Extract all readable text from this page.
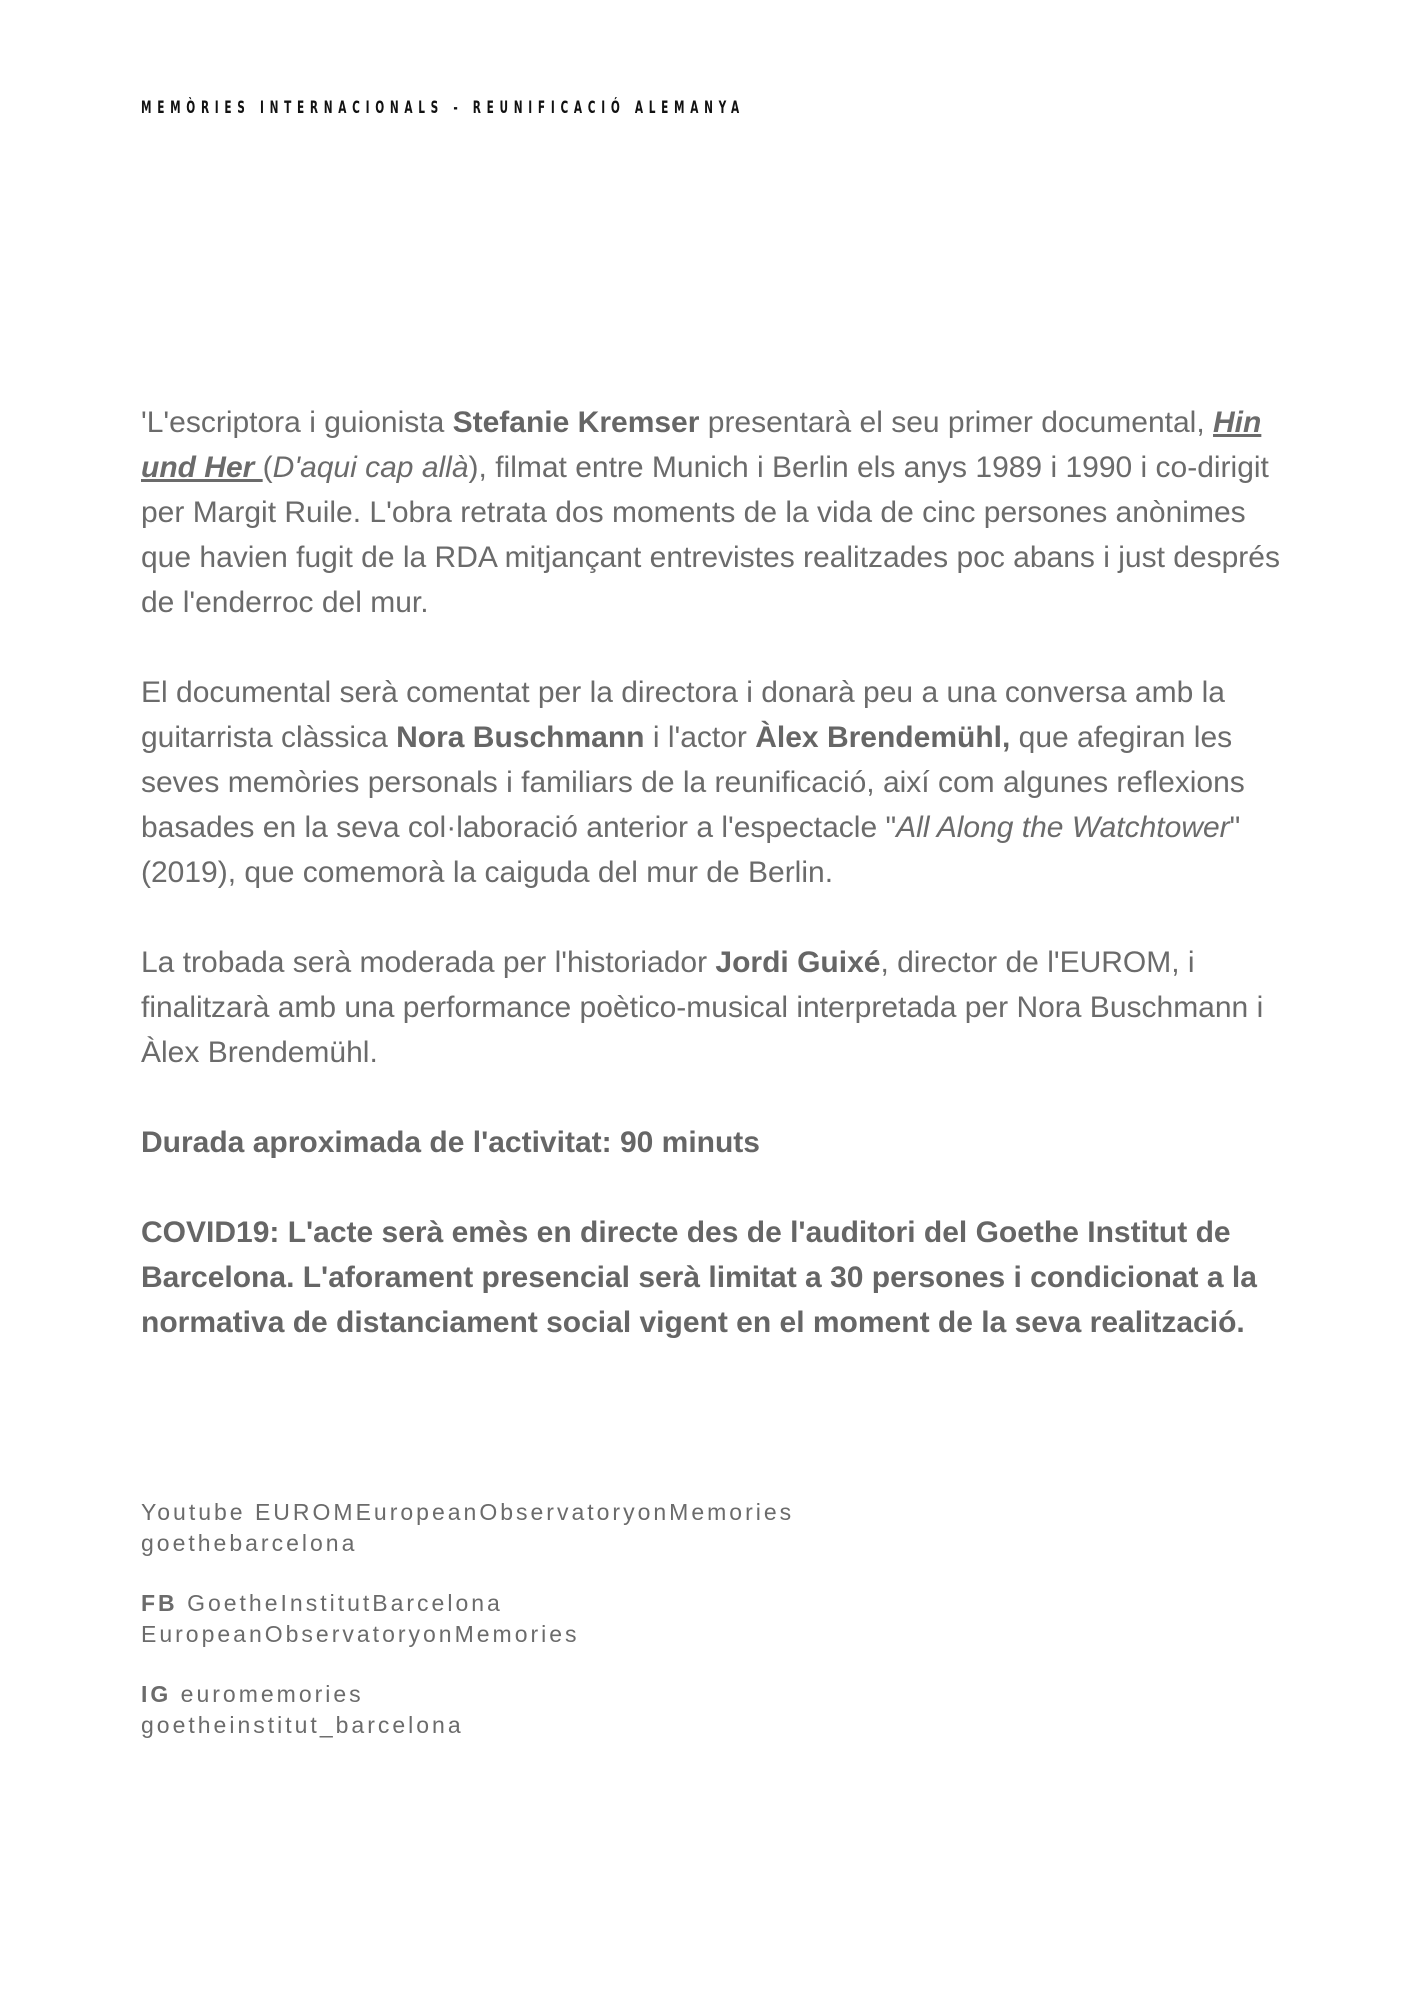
MEMÒRIES INTERNACIONALS - REUNIFICACIÓ ALEMANYA

'L'escriptora i guionista Stefanie Kremser presentarà el seu primer documental, Hin und Her (D'aqui cap allà), filmat entre Munich i Berlin els anys 1989 i 1990 i co-dirigit per Margit Ruile. L'obra retrata dos moments de la vida de cinc persones anònimes que havien fugit de la RDA mitjançant entrevistes realitzades poc abans i just després de l'enderroc del mur.

El documental serà comentat per la directora i donarà peu a una conversa amb la guitarrista clàssica Nora Buschmann i l'actor Àlex Brendemühl, que afegiran les seves memòries personals i familiars de la reunificació, així com algunes reflexions basades en la seva col·laboració anterior a l'espectacle "All Along the Watchtower" (2019), que comemorà la caiguda del mur de Berlin.

La trobada serà moderada per l'historiador Jordi Guixé, director de l'EUROM, i finalitzarà amb una performance poètico-musical interpretada per Nora Buschmann i Àlex Brendemühl.

Durada aproximada de l'activitat: 90 minuts

COVID19: L'acte serà emès en directe des de l'auditori del Goethe Institut de Barcelona. L'aforament presencial serà limitat a 30 persones i condicionat a la normativa de distanciament social vigent en el moment de la seva realització.

Youtube EUROMEuropeanObservatoryonMemories
goethebarcelona
FB GoetheInstitutBarcelona
EuropeanObservatoryonMemories
IG euromemories
goetheinstitut_barcelona
